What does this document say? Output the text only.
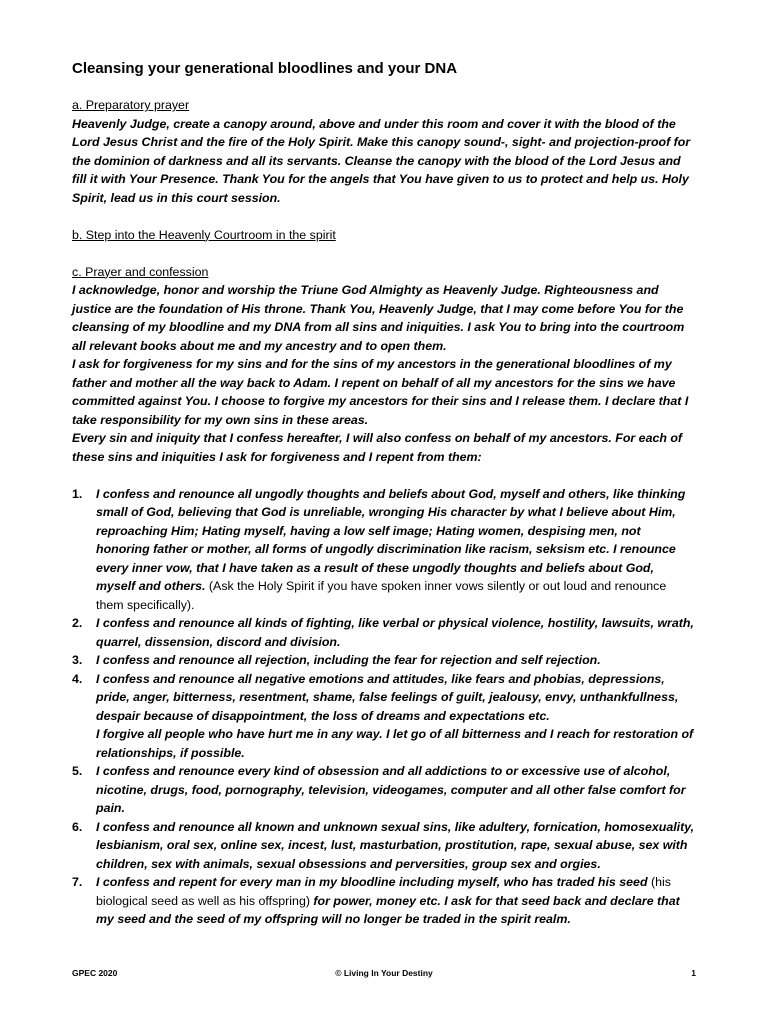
Cleansing your generational bloodlines and your DNA

a. Preparatory prayer

Heavenly Judge, create a canopy around, above and under this room and cover it with the blood of the Lord Jesus Christ and the fire of the Holy Spirit. Make this canopy sound-, sight- and projection-proof for the dominion of darkness and all its servants. Cleanse the canopy with the blood of the Lord Jesus and fill it with Your Presence. Thank You for the angels that You have given to us to protect and help us. Holy Spirit, lead us in this court session.

b. Step into the Heavenly Courtroom in the spirit

c. Prayer and confession

I acknowledge, honor and worship the Triune God Almighty as Heavenly Judge. Righteousness and justice are the foundation of His throne. Thank You, Heavenly Judge, that I may come before You for the cleansing of my bloodline and my DNA from all sins and iniquities. I ask You to bring into the courtroom all relevant books about me and my ancestry and to open them.

I ask for forgiveness for my sins and for the sins of my ancestors in the generational bloodlines of my father and mother all the way back to Adam. I repent on behalf of all my ancestors for the sins we have committed against You. I choose to forgive my ancestors for their sins and I release them. I declare that I take responsibility for my own sins in these areas.

Every sin and iniquity that I confess hereafter, I will also confess on behalf of my ancestors. For each of these sins and iniquities I ask for forgiveness and I repent from them:

1. I confess and renounce all ungodly thoughts and beliefs about God, myself and others, like thinking small of God, believing that God is unreliable, wronging His character by what I believe about Him, reproaching Him; Hating myself, having a low self image; Hating women, despising men, not honoring father or mother, all forms of ungodly discrimination like racism, seksism etc. I renounce every inner vow, that I have taken as a result of these ungodly thoughts and beliefs about God, myself and others. (Ask the Holy Spirit if you have spoken inner vows silently or out loud and renounce them specifically).
2. I confess and renounce all kinds of fighting, like verbal or physical violence, hostility, lawsuits, wrath, quarrel, dissension, discord and division.
3. I confess and renounce all rejection, including the fear for rejection and self rejection.
4. I confess and renounce all negative emotions and attitudes, like fears and phobias, depressions, pride, anger, bitterness, resentment, shame, false feelings of guilt, jealousy, envy, unthankfullness, despair because of disappointment, the loss of dreams and expectations etc.
I forgive all people who have hurt me in any way. I let go of all bitterness and I reach for restoration of relationships, if possible.
5. I confess and renounce every kind of obsession and all addictions to or excessive use of alcohol, nicotine, drugs, food, pornography, television, videogames, computer and all other false comfort for pain.
6. I confess and renounce all known and unknown sexual sins, like adultery, fornication, homosexuality, lesbianism, oral sex, online sex, incest, lust, masturbation, prostitution, rape, sexual abuse, sex with children, sex with animals, sexual obsessions and perversities, group sex and orgies.
7. I confess and repent for every man in my bloodline including myself, who has traded his seed (his biological seed as well as his offspring) for power, money etc. I ask for that seed back and declare that my seed and the seed of my offspring will no longer be traded in the spirit realm.
GPEC 2020	© Living In Your Destiny	1
